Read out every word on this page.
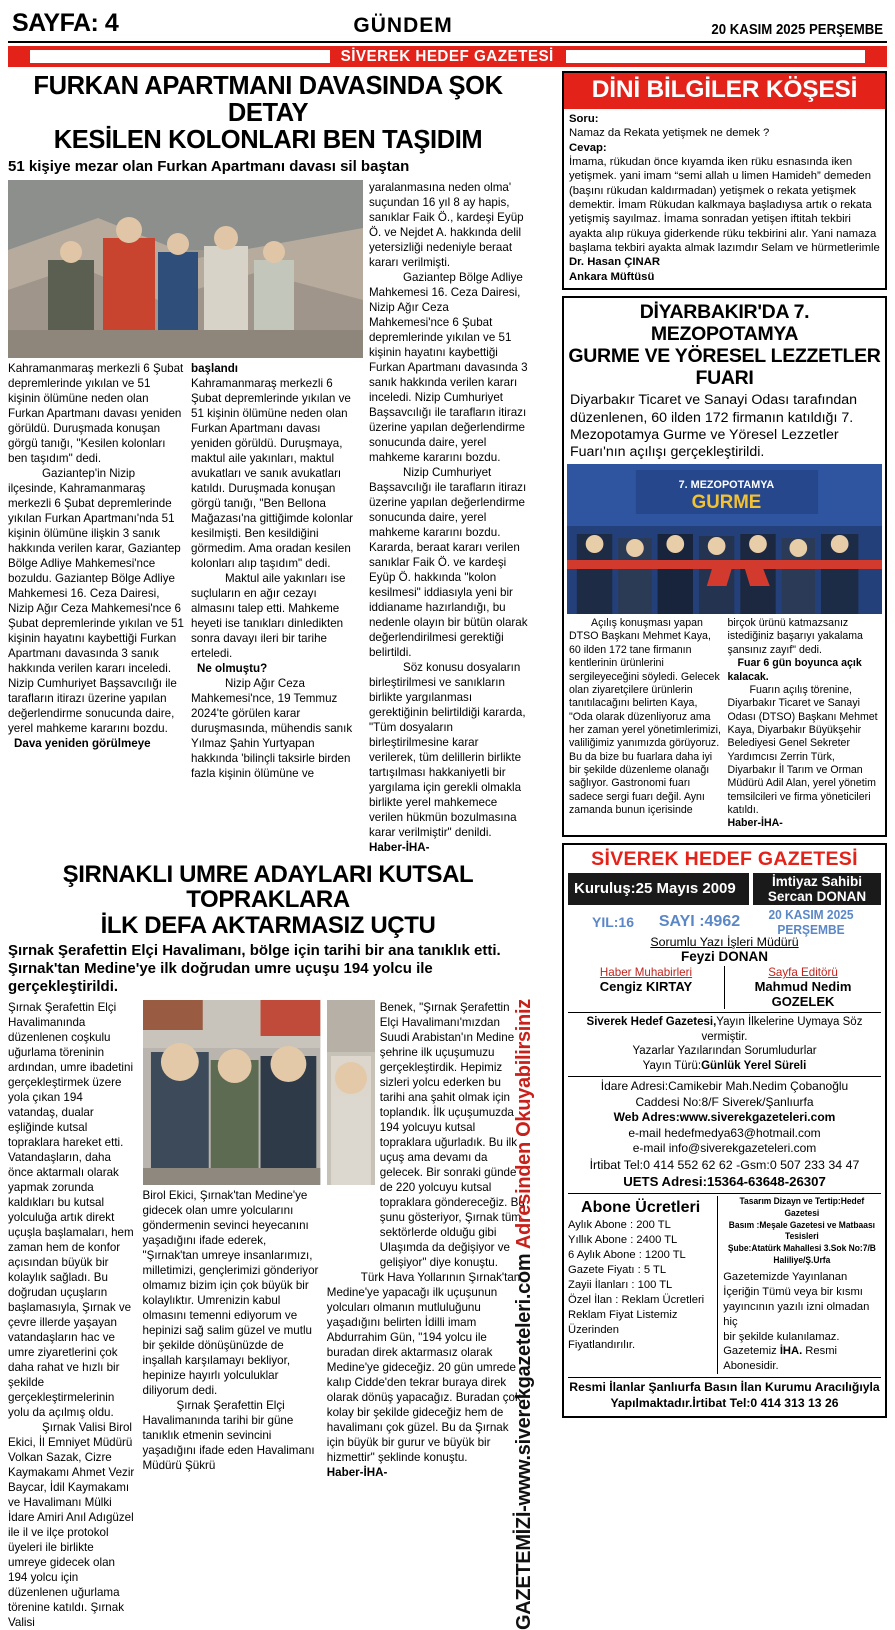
SAYFA: 4	GÜNDEM	20 KASIM 2025 PERŞEMBE
SİVEREK HEDEF GAZETESİ
FURKAN APARTMANI DAVASINDA ŞOK DETAY
KESİLEN KOLONLARI BEN TAŞIDIM
51 kişiye mezar olan Furkan Apartmanı davası sil baştan

Kahramanmaraş merkezli 6 Şubat depremlerinde yıkılan ve 51 kişinin ölümüne neden olan Furkan Apartmanı davası yeniden görüldü. Duruşmada konuşan görgü tanığı, "Kesilen kolonları ben taşıdım" dedi.

Gaziantep'in Nizip ilçesinde, Kahramanmaraş merkezli 6 Şubat depremlerinde yıkılan Furkan Apartmanı'nda 51 kişinin ölümüne ilişkin 3 sanık hakkında verilen karar, Gaziantep Bölge Adliye Mahkemesi'nce bozuldu. Gaziantep Bölge Adliye Mahkemesi 16. Ceza Dairesi, Nizip Ağır Ceza Mahkemesi'nce 6 Şubat depremlerinde yıkılan ve 51 kişinin hayatını kaybettiği Furkan Apartmanı davasında 3 sanık hakkında verilen kararı inceledi. Nizip Cumhuriyet Başsavcılığı ile tarafların itirazı üzerine yapılan değerlendirme sonucunda daire, yerel mahkeme kararını bozdu.

Dava yeniden görülmeye

başlandı

Kahramanmaraş merkezli 6 Şubat depremlerinde yıkılan ve 51 kişinin ölümüne neden olan Furkan Apartmanı davası yeniden görüldü. Duruşmaya, maktul aile yakınları, maktul avukatları ve sanık avukatları katıldı. Duruşmada konuşan görgü tanığı, "Ben Bellona Mağazası'na gittiğimde kolonlar kesilmişti. Ben kesildiğini görmedim. Ama oradan kesilen kolonları alıp taşıdım" dedi.

Maktul aile yakınları ise suçluların en ağır cezayı almasını talep etti. Mahkeme heyeti ise tanıkları dinledikten sonra davayı ileri bir tarihe erteledi.

Ne olmuştu?

Nizip Ağır Ceza Mahkemesi'nce, 19 Temmuz 2024'te görülen karar duruşmasında, mühendis sanık Yılmaz Şahin Yurtyapan hakkında 'bilinçli taksirle birden fazla kişinin ölümüne ve

yaralanmasına neden olma' suçundan 16 yıl 8 ay hapis, sanıklar Faik Ö., kardeşi Eyüp Ö. ve Nejdet A. hakkında delil yetersizliği nedeniyle beraat kararı verilmişti.

Gaziantep Bölge Adliye Mahkemesi 16. Ceza Dairesi, Nizip Ağır Ceza Mahkemesi'nce 6 Şubat depremlerinde yıkılan ve 51 kişinin hayatını kaybettiği Furkan Apartmanı davasında 3 sanık hakkında verilen kararı inceledi. Nizip Cumhuriyet Başsavcılığı ile tarafların itirazı üzerine yapılan değerlendirme sonucunda daire, yerel mahkeme kararını bozdu.

Nizip Cumhuriyet Başsavcılığı ile tarafların itirazı üzerine yapılan değerlendirme sonucunda daire, yerel mahkeme kararını bozdu. Kararda, beraat kararı verilen sanıklar Faik Ö. ve kardeşi Eyüp Ö. hakkında "kolon kesilmesi" iddiasıyla yeni bir iddianame hazırlandığı, bu nedenle olayın bir bütün olarak değerlendirilmesi gerektiği belirtildi.

Söz konusu dosyaların birleştirilmesi ve sanıkların birlikte yargılanması gerektiğinin belirtildiği kararda, "Tüm dosyaların birleştirilmesine karar verilerek, tüm delillerin birlikte tartışılması hakkaniyetli bir yargılama için gerekli olmakla birlikte yerel mahkemece verilen hükmün bozulmasına karar verilmiştir" denildi. Haber-İHA-

ŞIRNAKLI UMRE ADAYLARI KUTSAL TOPRAKLARA
İLK DEFA AKTARMASIZ UÇTU
Şırnak Şerafettin Elçi Havalimanı, bölge için tarihi bir ana tanıklık etti. Şırnak'tan Medine'ye ilk doğrudan umre uçuşu 194 yolcu ile gerçekleştirildi.

Şırnak Şerafettin Elçi Havalimanında düzenlenen coşkulu uğurlama töreninin ardından, umre ibadetini gerçekleştirmek üzere yola çıkan 194 vatandaş, dualar eşliğinde kutsal topraklara hareket etti. Vatandaşların, daha önce aktarmalı olarak yapmak zorunda kaldıkları bu kutsal yolculuğa artık direkt uçuşla başlamaları, hem zaman hem de konfor açısından büyük bir kolaylık sağladı. Bu doğrudan uçuşların başlamasıyla, Şırnak ve çevre illerde yaşayan vatandaşların hac ve umre ziyaretlerini çok daha rahat ve hızlı bir şekilde gerçekleştirmelerinin yolu da açılmış oldu.

Şırnak Valisi Birol Ekici, İl Emniyet Müdürü Volkan Sazak, Cizre Kaymakamı Ahmet Vezir Baycar, İdil Kaymakamı ve Havalimanı Mülki İdare Amiri Anıl Adıgüzel ile il ve ilçe protokol üyeleri ile birlikte umreye gidecek olan 194 yolcu için düzenlenen uğurlama törenine katıldı. Şırnak Valisi

Birol Ekici, Şırnak'tan Medine'ye gidecek olan umre yolcularını göndermenin sevinci heyecanını yaşadığını ifade ederek, "Şırnak'tan umreye insanlarımızı, milletimizi, gençlerimizi gönderiyor olmamız bizim için çok büyük bir kolaylıktır. Umrenizin kabul olmasını temenni ediyorum ve hepinizi sağ salim güzel ve mutlu bir şekilde dönüşünüzde de inşallah karşılamayı bekliyor, hepinize hayırlı yolculuklar diliyorum dedi.

Şırnak Şerafettin Elçi Havalimanında tarihi bir güne tanıklık etmenin sevincini yaşadığını ifade eden Havalimanı Müdürü Şükrü

Benek, "Şırnak Şerafettin Elçi Havalimanı'mızdan Suudi Arabistan'ın Medine şehrine ilk uçuşumuzu gerçekleştirdik. Hepimiz sizleri yolcu ederken bu tarihi ana şahit olmak için toplandık. İlk uçuşumuzda 194 yolcuyu kutsal topraklara uğurladık. Bu ilk uçuş ama devamı da gelecek. Bir sonraki günde de 220 yolcuyu kutsal topraklara göndereceğiz. Bu şunu gösteriyor, Şırnak tüm sektörlerde olduğu gibi Ulaşımda da değişiyor ve gelişiyor" diye konuştu.

Türk Hava Yollarının Şırnak'tan Medine'ye yapacağı ilk uçuşunun yolcuları olmanın mutluluğunu yaşadığını belirten İdilli imam Abdurrahim Gün, "194 yolcu ile buradan direk aktarmasız olarak Medine'ye gideceğiz. 20 gün umrede kalıp Cidde'den tekrar buraya direk olarak dönüş yapacağız. Buradan çok kolay bir şekilde gideceğiz hem de havalimanı çok güzel. Bu da Şırnak için büyük bir gurur ve büyük bir hizmettir" şeklinde konuştu.

Haber-İHA-	GAZETEMİZİ-www.siverekgazeteleri.com Adresinden Okuyabilirsiniz
DİNİ BİLGİLER KÖŞESİ
Soru:
Namaz da Rekata yetişmek ne demek ?
Cevap:
İmama, rükudan önce kıyamda iken rüku esnasında iken yetişmek. yani imam “semi allah u limen Hamideh” demeden (başını rükudan kaldırmadan) yetişmek o rekata yetişmek demektir. İmam Rükudan kalkmaya başladıysa artık o rekata yetişmiş sayılmaz. İmama sonradan yetişen iftitah tekbiri ayakta alıp rükuya giderkende rüku tekbirini alır. Yani namaza başlama tekbiri ayakta almak lazımdır Selam ve hürmetlerimle
Dr. Hasan ÇINAR
Ankara Müftüsü
DİYARBAKIR'DA 7. MEZOPOTAMYA
GURME VE YÖRESEL LEZZETLER FUARI
Diyarbakır Ticaret ve Sanayi Odası tarafından düzenlenen, 60 ilden 172 firmanın katıldığı 7. Mezopotamya Gurme ve Yöresel Lezzetler Fuarı'nın açılışı gerçekleştirildi.
7. MEZOPOTAMYA
GURME

Açılış konuşması yapan DTSO Başkanı Mehmet Kaya, 60 ilden 172 tane firmanın kentlerinin ürünlerini sergileyeceğini söyledi. Gelecek olan ziyaretçilere ürünlerin tanıtılacağını belirten Kaya, "Oda olarak düzenliyoruz ama her zaman yerel yönetimlerimizi, valiliğimiz yanımızda görüyoruz. Bu da bize bu fuarlara daha iyi bir şekilde düzenleme olanağı sağlıyor. Gastronomi fuarı sadece sergi fuarı değil. Aynı zamanda bunun içerisinde

birçok ürünü katmazsanız istediğiniz başarıyı yakalama şansınız zayıf" dedi.

Fuar 6 gün boyunca açık kalacak.

Fuarın açılış törenine, Diyarbakır Ticaret ve Sanayi Odası (DTSO) Başkanı Mehmet Kaya, Diyarbakır Büyükşehir Belediyesi Genel Sekreter Yardımcısı Zerrin Türk, Diyarbakır İl Tarım ve Orman Müdürü Adil Alan, yerel yönetim temsilcileri ve firma yöneticileri katıldı.

Haber-İHA-

SİVEREK HEDEF GAZETESİ
Kuruluş:25 Mayıs 2009	İmtiyaz Sahibi
Sercan DONAN
YIL:16	SAYI :4962	20 KASIM 2025 PERŞEMBE
Sorumlu Yazı İşleri Müdürü
Feyzi DONAN
Haber Muhabirleri
Cengiz KIRTAY
Sayfa Editörü
Mahmud Nedim GOZELEK
Siverek Hedef Gazetesi,Yayın İlkelerine Uymaya Söz vermiştir.
Yazarlar Yazılarından Sorumludurlar
Yayın Türü:Günlük Yerel Süreli
İdare Adresi:Camikebir Mah.Nedim Çobanoğlu
Caddesi No:8/F Siverek/Şanlıurfa
Web Adres:www.siverekgazeteleri.com
e-mail hedefmedya63@hotmail.com
e-mail info@siverekgazeteleri.com
İrtibat Tel:0 414 552 62 62 -Gsm:0 507 233 34 47
UETS Adresi:15364-63648-26307
Abone Ücretleri
Aylık Abone : 200 TL
Yıllık Abone : 2400 TL
6 Aylık Abone : 1200 TL
Gazete Fiyatı : 5 TL
Zayii İlanları : 100 TL
Özel İlan : Reklam Ücretleri
Reklam Fiyat Listemiz Üzerinden
Fiyatlandırılır.
Tasarım Dizayn ve Tertip:Hedef Gazetesi
Basım :Meşale Gazetesi ve Matbaası Tesisleri
Şube:Atatürk Mahallesi 3.Sok No:7/B Haliliye/Ş.Urfa
Gazetemizde Yayınlanan
İçeriğin Tümü veya bir kısmı
yayıncının yazılı izni olmadan hiç
bir şekilde kulanılamaz.
Gazetemiz İHA. Resmi Abonesidir.
Resmi İlanlar Şanlıurfa Basın İlan Kurumu Aracılığıyla
Yapılmaktadır.İrtibat Tel:0 414 313 13 26
